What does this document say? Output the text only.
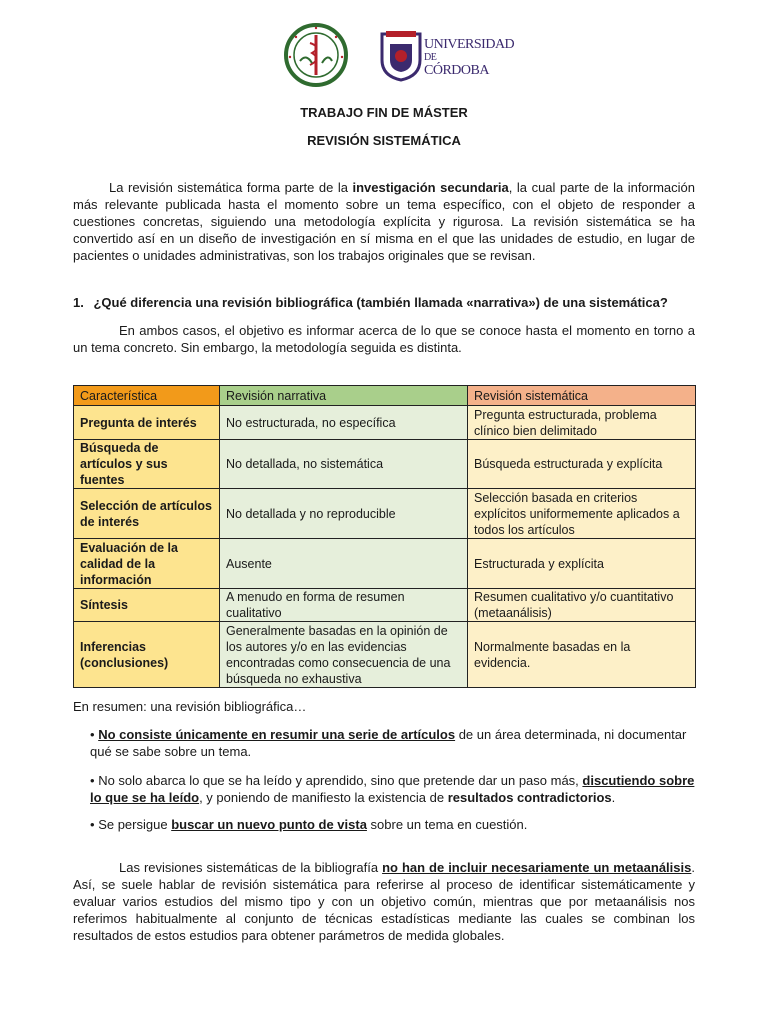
UNIVERSIDAD
DE
CÓRDOBA
TRABAJO FIN DE MÁSTER
REVISIÓN SISTEMÁTICA

La revisión sistemática forma parte de la investigación secundaria, la cual parte de la información más relevante publicada hasta el momento sobre un tema específico, con el objeto de responder a cuestiones concretas, siguiendo una metodología explícita y rigurosa. La revisión sistemática se ha convertido así en un diseño de investigación en sí misma en el que las unidades de estudio, en lugar de pacientes o unidades administrativas, son los trabajos originales que se revisan.

1. ¿Qué diferencia una revisión bibliográfica (también llamada «narrativa») de una sistemática?

En ambos casos, el objetivo es informar acerca de lo que se conoce hasta el momento en torno a un tema concreto. Sin embargo, la metodología seguida es distinta.

Característica	Revisión narrativa	Revisión sistemática
Pregunta de interés	No estructurada, no específica	Pregunta estructurada, problema clínico bien delimitado
Búsqueda de artículos y sus fuentes	No detallada, no sistemática	Búsqueda estructurada y explícita
Selección de artículos de interés	No detallada y no reproducible	Selección basada en criterios explícitos uniformemente aplicados a todos los artículos
Evaluación de la calidad de la información	Ausente	Estructurada y explícita
Síntesis	A menudo en forma de resumen cualitativo	Resumen cualitativo y/o cuantitativo (metaanálisis)
Inferencias (conclusiones)	Generalmente basadas en la opinión de los autores y/o en las evidencias encontradas como consecuencia de una búsqueda no exhaustiva	Normalmente basadas en la evidencia.
En resumen: una revisión bibliográfica…
• No consiste únicamente en resumir una serie de artículos de un área determinada, ni documentar qué se sabe sobre un tema.
• No solo abarca lo que se ha leído y aprendido, sino que pretende dar un paso más, discutiendo sobre lo que se ha leído, y poniendo de manifiesto la existencia de resultados contradictorios.
• Se persigue buscar un nuevo punto de vista sobre un tema en cuestión.

Las revisiones sistemáticas de la bibliografía no han de incluir necesariamente un metaanálisis. Así, se suele hablar de revisión sistemática para referirse al proceso de identificar sistemáticamente y evaluar varios estudios del mismo tipo y con un objetivo común, mientras que por metaanálisis nos referimos habitualmente al conjunto de técnicas estadísticas mediante las cuales se combinan los resultados de estos estudios para obtener parámetros de medida globales.
